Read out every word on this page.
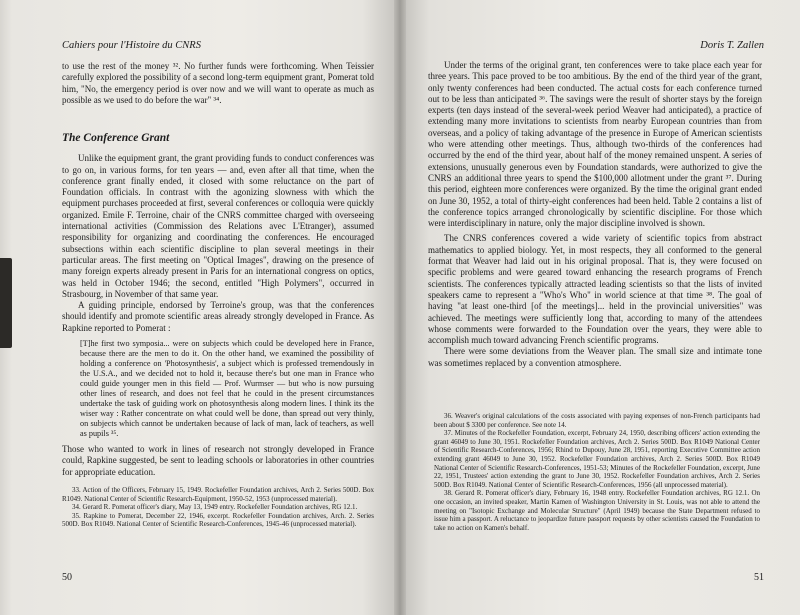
Cahiers pour l'Histoire du CNRS

to use the rest of the money ³². No further funds were forthcoming. When Teissier carefully explored the possibility of a second long-term equipment grant, Pomerat told him, "No, the emergency period is over now and we will want to operate as much as possible as we used to do before the war" ³⁴.

The Conference Grant

Unlike the equipment grant, the grant providing funds to conduct conferences was to go on, in various forms, for ten years — and, even after all that time, when the conference grant finally ended, it closed with some reluctance on the part of Foundation officials. In contrast with the agonizing slowness with which the equipment purchases proceeded at first, several conferences or colloquia were quickly organized. Emile F. Terroine, chair of the CNRS committee charged with overseeing international activities (Commission des Relations avec L'Etranger), assumed responsibility for organizing and coordinating the conferences. He encouraged subsections within each scientific discipline to plan several meetings in their particular areas. The first meeting on "Optical Images", drawing on the presence of many foreign experts already present in Paris for an international congress on optics, was held in October 1946; the second, entitled "High Polymers", occurred in Strasbourg, in November of that same year.

A guiding principle, endorsed by Terroine's group, was that the conferences should identify and promote scientific areas already strongly developed in France. As Rapkine reported to Pomerat :

[T]he first two symposia... were on subjects which could be developed here in France, because there are the men to do it. On the other hand, we examined the possibility of holding a conference on 'Photosynthesis', a subject which is professed tremendously in the U.S.A., and we decided not to hold it, because there's but one man in France who could guide younger men in this field — Prof. Wurmser — but who is now pursuing other lines of research, and does not feel that he could in the present circumstances undertake the task of guiding work on photosynthesis along modern lines. I think its the wiser way : Rather concentrate on what could well be done, than spread out very thinly, on subjects which cannot be undertaken because of lack of man, lack of teachers, as well as pupils ³⁵.

Those who wanted to work in lines of research not strongly developed in France could, Rapkine suggested, be sent to leading schools or laboratories in other countries for appropriate education.

33. Action of the Officers, February 15, 1949. Rockefeller Foundation archives, Arch 2. Series 500D. Box R1049. National Center of Scientific Research-Equipment, 1950-52, 1953 (unprocessed material).

34. Gerard R. Pomerat officer's diary, May 13, 1949 entry. Rockefeller Foundation archives, RG 12.1.

35. Rapkine to Pomerat, December 22, 1946, excerpt. Rockefeller Foundation archives, Arch. 2. Series 500D. Box R1049. National Center of Scientific Research-Conferences, 1945-46 (unprocessed material).

50
Doris T. Zallen

Under the terms of the original grant, ten conferences were to take place each year for three years. This pace proved to be too ambitious. By the end of the third year of the grant, only twenty conferences had been conducted. The actual costs for each conference turned out to be less than anticipated ³⁶. The savings were the result of shorter stays by the foreign experts (ten days instead of the several-week period Weaver had anticipated), a practice of extending many more invitations to scientists from nearby European countries than from overseas, and a policy of taking advantage of the presence in Europe of American scientists who were attending other meetings. Thus, although two-thirds of the conferences had occurred by the end of the third year, about half of the money remained unspent. A series of extensions, unusually generous even by Foundation standards, were authorized to give the CNRS an additional three years to spend the $100,000 allotment under the grant ³⁷. During this period, eighteen more conferences were organized. By the time the original grant ended on June 30, 1952, a total of thirty-eight conferences had been held. Table 2 contains a list of the conference topics arranged chronologically by scientific discipline. For those which were interdisciplinary in nature, only the major discipline involved is shown.

The CNRS conferences covered a wide variety of scientific topics from abstract mathematics to applied biology. Yet, in most respects, they all conformed to the general format that Weaver had laid out in his original proposal. That is, they were focused on specific problems and were geared toward enhancing the research programs of French scientists. The conferences typically attracted leading scientists so that the lists of invited speakers came to represent a "Who's Who" in world science at that time ³⁸. The goal of having "at least one-third [of the meetings]... held in the provincial universities" was achieved. The meetings were sufficiently long that, according to many of the attendees whose comments were forwarded to the Foundation over the years, they were able to accomplish much toward advancing French scientific programs.

There were some deviations from the Weaver plan. The small size and intimate tone was sometimes replaced by a convention atmosphere.

36. Weaver's original calculations of the costs associated with paying expenses of non-French participants had been about $ 3300 per conference. See note 14.

37. Minutes of the Rockefeller Foundation, excerpt, February 24, 1950, describing officers' action extending the grant 46049 to June 30, 1951. Rockefeller Foundation archives, Arch 2. Series 500D. Box R1049 National Center of Scientific Research-Conferences, 1956; Rhind to Dupouy, June 28, 1951, reporting Executive Committee action extending grant 46049 to June 30, 1952. Rockefeller Foundation archives, Arch 2. Series 500D. Box R1049 National Center of Scientific Research-Conferences, 1951-53; Minutes of the Rockefeller Foundation, excerpt, June 22, 1951, Trustees' action extending the grant to June 30, 1952. Rockefeller Foundation archives, Arch 2. Series 500D. Box R1049. National Center of Scientific Research-Conferences, 1956 (all unprocessed material).

38. Gerard R. Pomerat officer's diary, February 16, 1948 entry. Rockefeller Foundation archives, RG 12.1. On one occasion, an invited speaker, Martin Kamen of Washington University in St. Louis, was not able to attend the meeting on "Isotopic Exchange and Molecular Structure" (April 1949) because the State Department refused to issue him a passport. A reluctance to jeopardize future passport requests by other scientists caused the Foundation to take no action on Kamen's behalf.

51
